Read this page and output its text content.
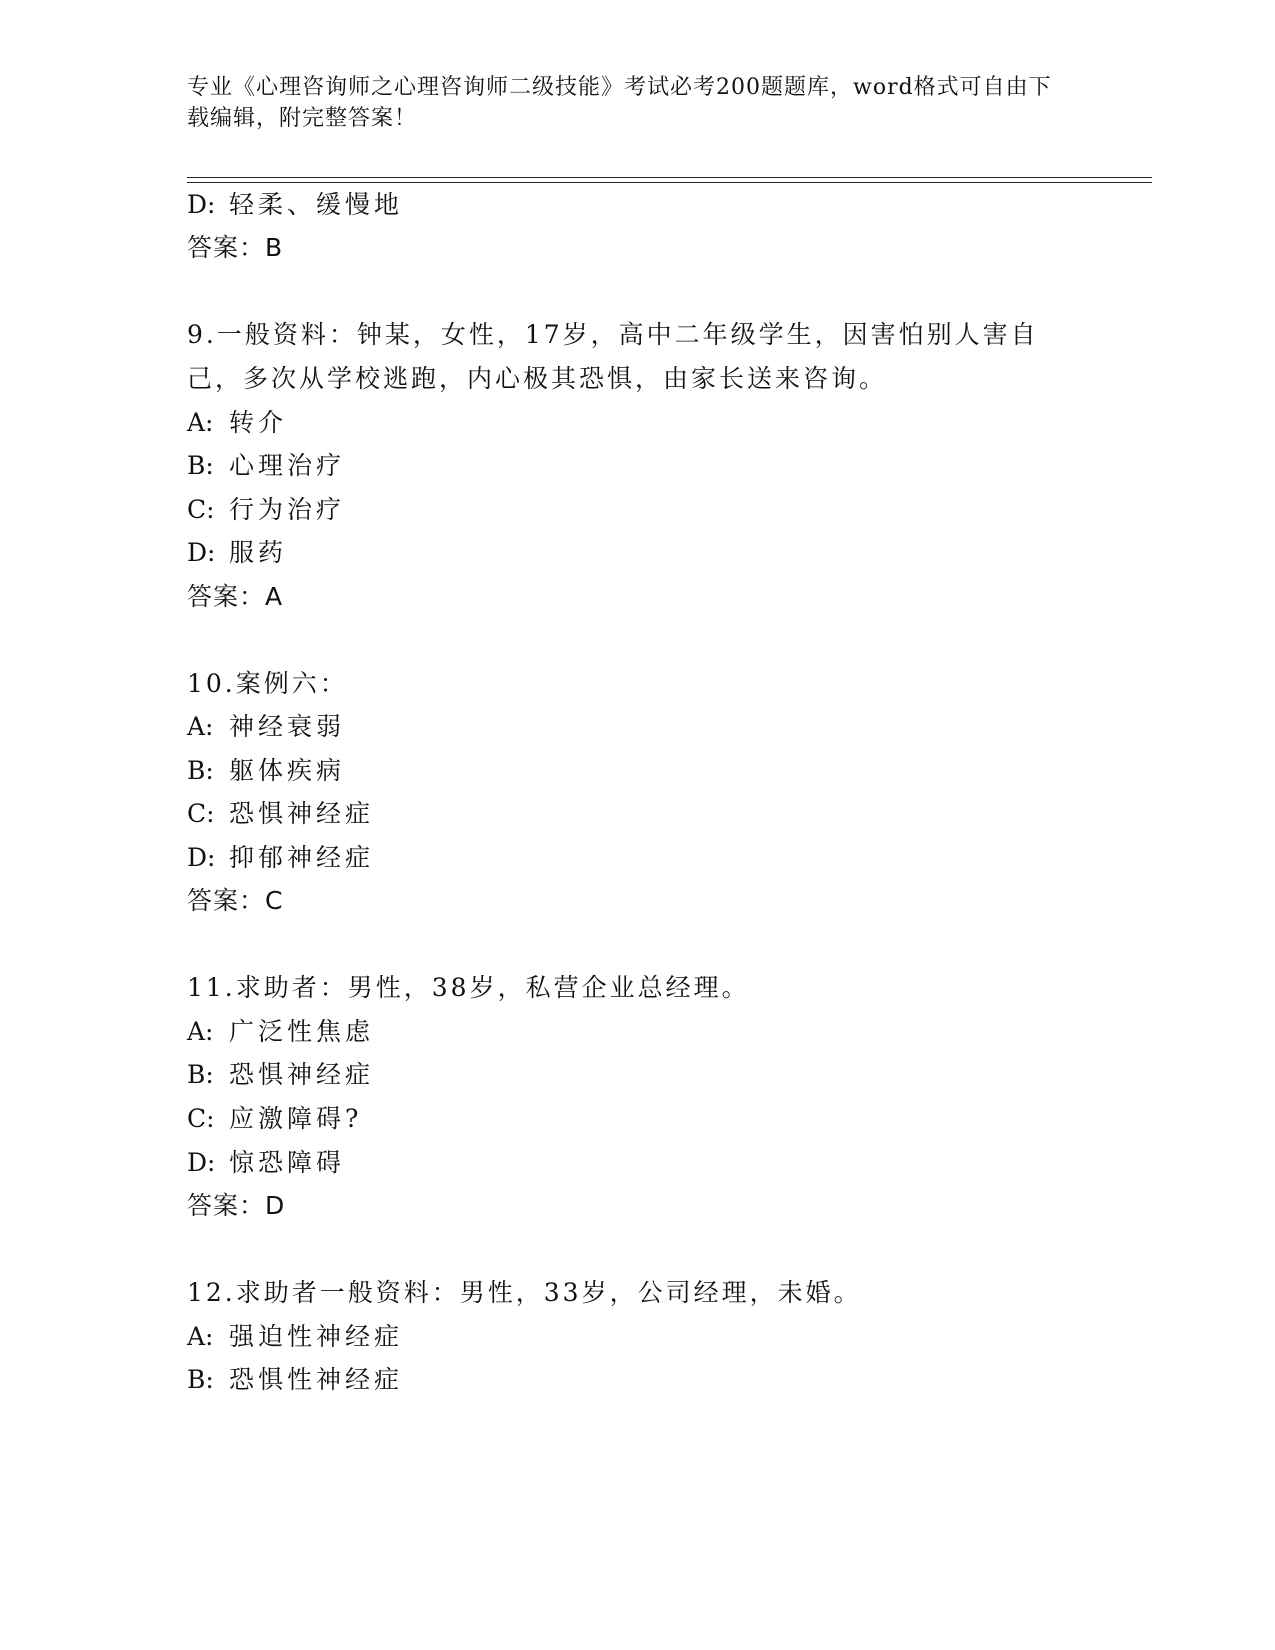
专业《心理咨询师之心理咨询师二级技能》考试必考200题题库，word格式可自由下载编辑，附完整答案！
D: 轻柔、缓慢地
答案：B
9.一般资料：钟某，女性，17岁，高中二年级学生，因害怕别人害自
己，多次从学校逃跑，内心极其恐惧，由家长送来咨询。
A: 转介
B: 心理治疗
C: 行为治疗
D: 服药
答案：A
10.案例六：
A: 神经衰弱
B: 躯体疾病
C: 恐惧神经症
D: 抑郁神经症
答案：C
11.求助者：男性，38岁，私营企业总经理。
A: 广泛性焦虑
B: 恐惧神经症
C: 应激障碍?
D: 惊恐障碍
答案：D
12.求助者一般资料：男性，33岁，公司经理，未婚。
A: 强迫性神经症
B: 恐惧性神经症
